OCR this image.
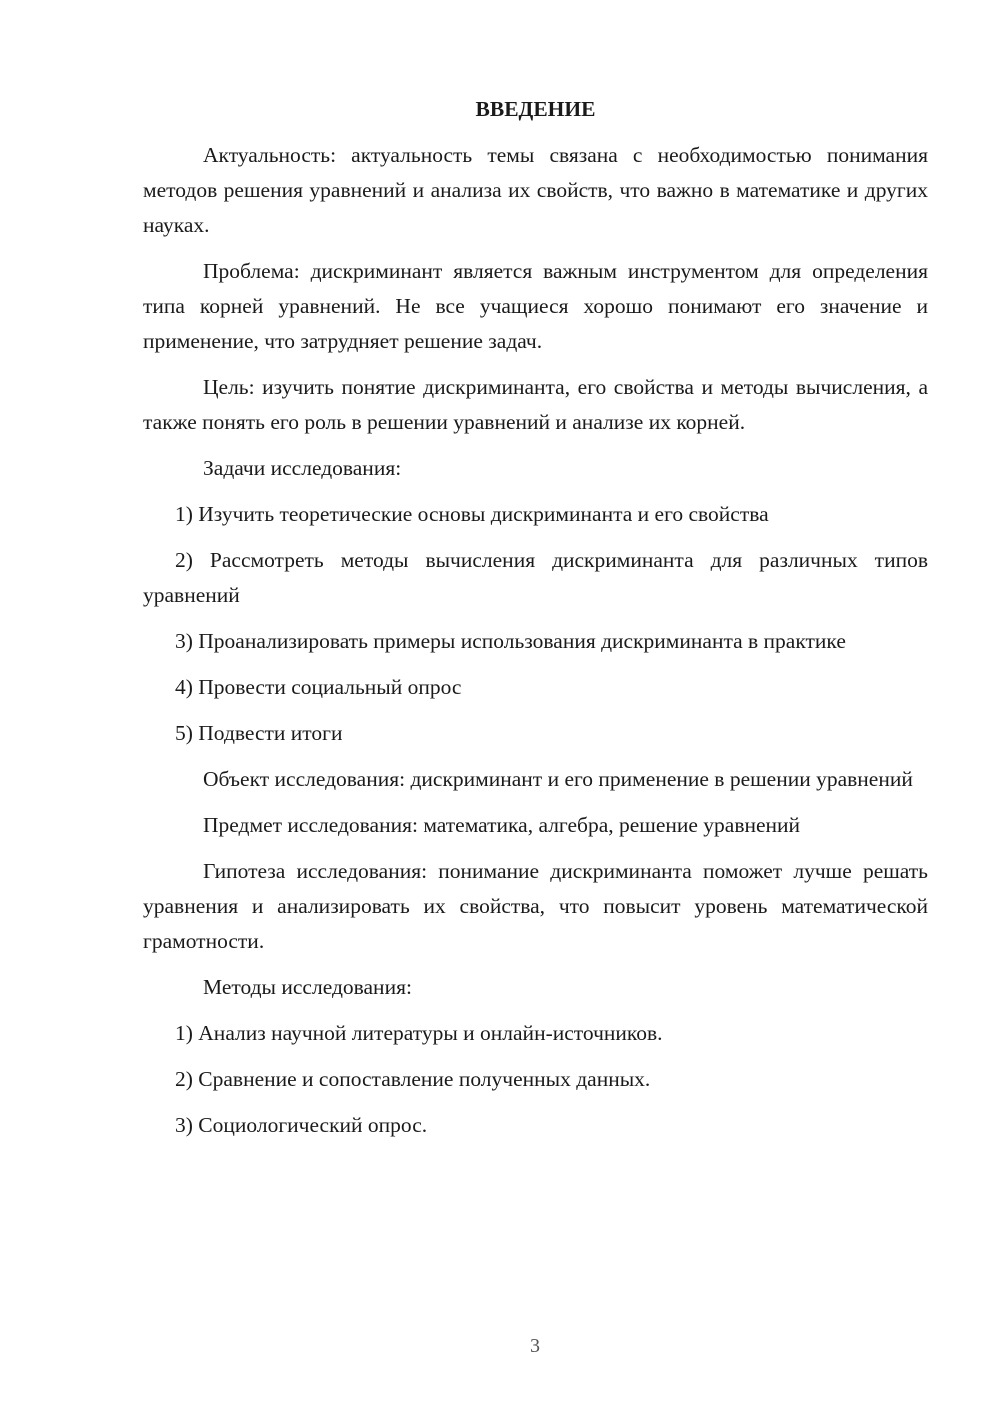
ВВЕДЕНИЕ

Актуальность: актуальность темы связана с необходимостью понимания методов решения уравнений и анализа их свойств, что важно в математике и других науках.

Проблема: дискриминант является важным инструментом для определения типа корней уравнений. Не все учащиеся хорошо понимают его значение и применение, что затрудняет решение задач.

Цель: изучить понятие дискриминанта, его свойства и методы вычисления, а также понять его роль в решении уравнений и анализе их корней.

Задачи исследования:

1) Изучить теоретические основы дискриминанта и его свойства

2) Рассмотреть методы вычисления дискриминанта для различных типов уравнений

3) Проанализировать примеры использования дискриминанта в практике

4) Провести социальный опрос

5) Подвести итоги

Объект исследования: дискриминант и его применение в решении уравнений

Предмет исследования: математика, алгебра, решение уравнений

Гипотеза исследования: понимание дискриминанта поможет лучше решать уравнения и анализировать их свойства, что повысит уровень математической грамотности.

Методы исследования:

1) Анализ научной литературы и онлайн-источников.

2) Сравнение и сопоставление полученных данных.

3) Социологический опрос.

3
